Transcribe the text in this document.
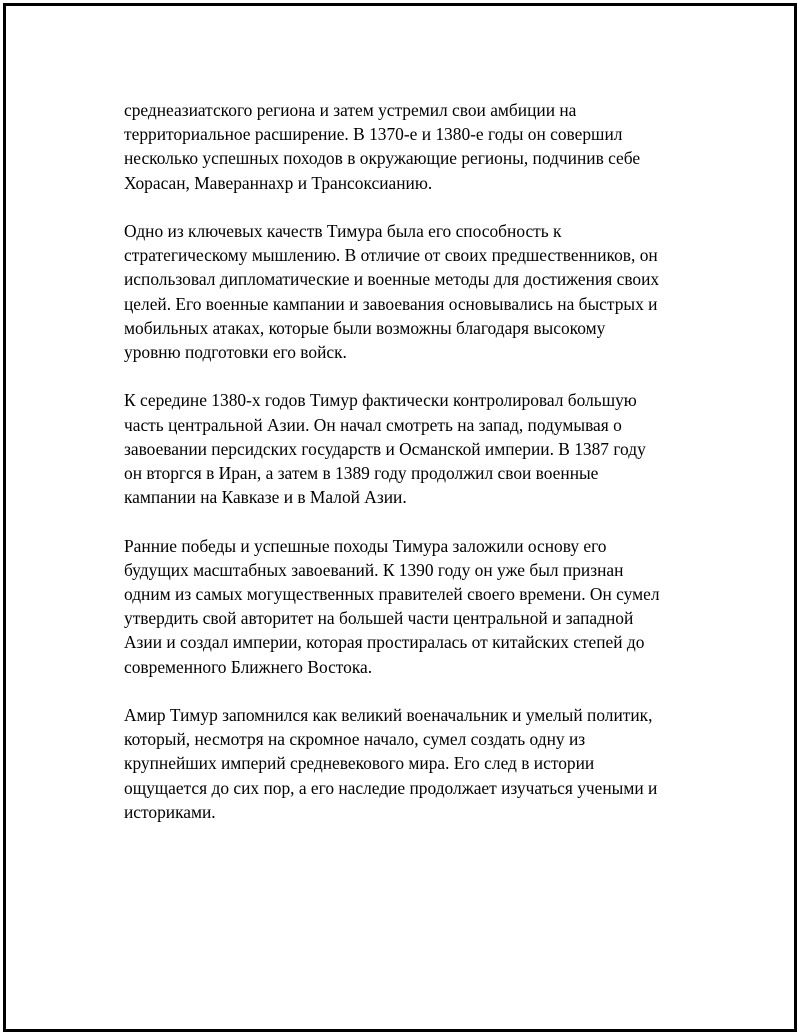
среднеазиатского региона и затем устремил свои амбиции на
территориальное расширение. В 1370-е и 1380-е годы он совершил
несколько успешных походов в окружающие регионы, подчинив себе
Хорасан, Мавераннахр и Трансоксианию.

Одно из ключевых качеств Тимура была его способность к
стратегическому мышлению. В отличие от своих предшественников, он
использовал дипломатические и военные методы для достижения своих
целей. Его военные кампании и завоевания основывались на быстрых и
мобильных атаках, которые были возможны благодаря высокому
уровню подготовки его войск.

К середине 1380-х годов Тимур фактически контролировал большую
часть центральной Азии. Он начал смотреть на запад, подумывая о
завоевании персидских государств и Османской империи. В 1387 году
он вторгся в Иран, а затем в 1389 году продолжил свои военные
кампании на Кавказе и в Малой Азии.

Ранние победы и успешные походы Тимура заложили основу его
будущих масштабных завоеваний. К 1390 году он уже был признан
одним из самых могущественных правителей своего времени. Он сумел
утвердить свой авторитет на большей части центральной и западной
Азии и создал империи, которая простиралась от китайских степей до
современного Ближнего Востока.

Амир Тимур запомнился как великий военачальник и умелый политик,
который, несмотря на скромное начало, сумел создать одну из
крупнейших империй средневекового мира. Его след в истории
ощущается до сих пор, а его наследие продолжает изучаться учеными и
историками.
